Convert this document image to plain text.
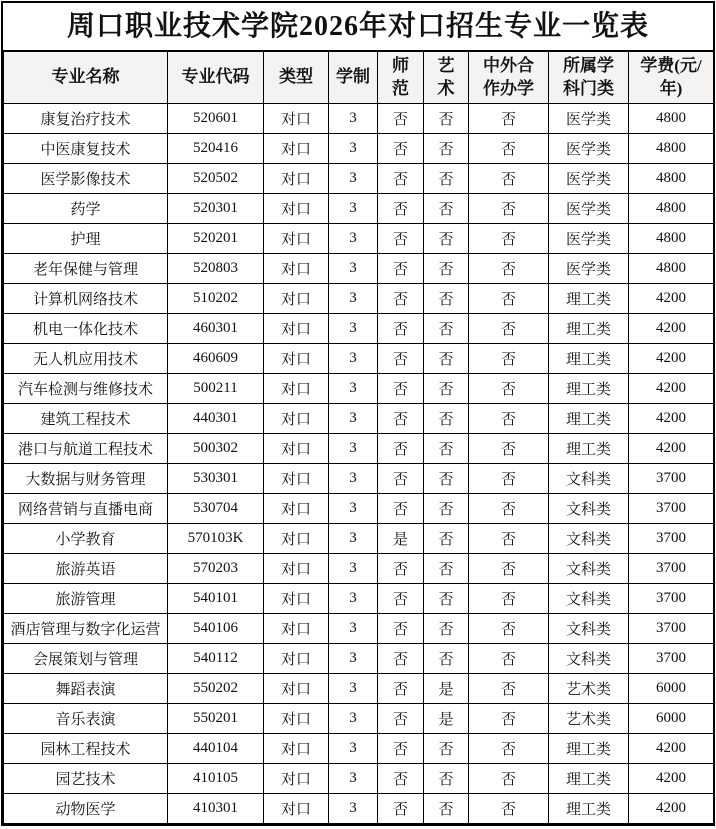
周口职业技术学院2026年对口招生专业一览表
专业名称	专业代码	类型	学制	师范	艺术	中外合作办学	所属学科门类	学费(元/年)
康复治疗技术	520601	对口	3	否	否	否	医学类	4800
中医康复技术	520416	对口	3	否	否	否	医学类	4800
医学影像技术	520502	对口	3	否	否	否	医学类	4800
药学	520301	对口	3	否	否	否	医学类	4800
护理	520201	对口	3	否	否	否	医学类	4800
老年保健与管理	520803	对口	3	否	否	否	医学类	4800
计算机网络技术	510202	对口	3	否	否	否	理工类	4200
机电一体化技术	460301	对口	3	否	否	否	理工类	4200
无人机应用技术	460609	对口	3	否	否	否	理工类	4200
汽车检测与维修技术	500211	对口	3	否	否	否	理工类	4200
建筑工程技术	440301	对口	3	否	否	否	理工类	4200
港口与航道工程技术	500302	对口	3	否	否	否	理工类	4200
大数据与财务管理	530301	对口	3	否	否	否	文科类	3700
网络营销与直播电商	530704	对口	3	否	否	否	文科类	3700
小学教育	570103K	对口	3	是	否	否	文科类	3700
旅游英语	570203	对口	3	否	否	否	文科类	3700
旅游管理	540101	对口	3	否	否	否	文科类	3700
酒店管理与数字化运营	540106	对口	3	否	否	否	文科类	3700
会展策划与管理	540112	对口	3	否	否	否	文科类	3700
舞蹈表演	550202	对口	3	否	是	否	艺术类	6000
音乐表演	550201	对口	3	否	是	否	艺术类	6000
园林工程技术	440104	对口	3	否	否	否	理工类	4200
园艺技术	410105	对口	3	否	否	否	理工类	4200
动物医学	410301	对口	3	否	否	否	理工类	4200
